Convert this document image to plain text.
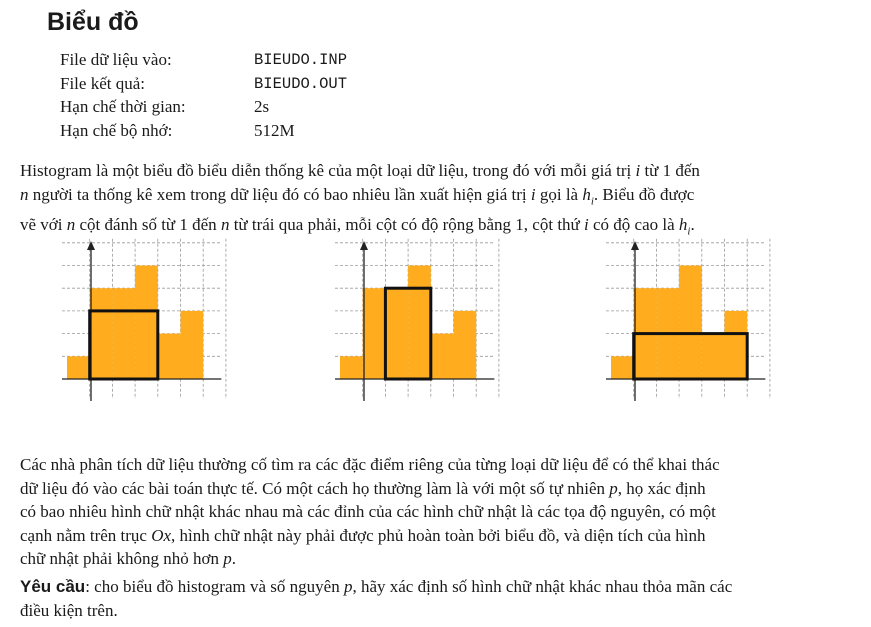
Biểu đồ
File dữ liệu vào:	BIEUDO.INP
File kết quả:	BIEUDO.OUT
Hạn chế thời gian:	2s
Hạn chế bộ nhớ:	512M

Histogram là một biểu đồ biểu diễn thống kê của một loại dữ liệu, trong đó với mỗi giá trị i từ 1 đến
n người ta thống kê xem trong dữ liệu đó có bao nhiêu lần xuất hiện giá trị i gọi là $h_i$. Biểu đồ được
vẽ với n cột đánh số từ 1 đến n từ trái qua phải, mỗi cột có độ rộng bằng 1, cột thứ i có độ cao là $h_i$.

Các nhà phân tích dữ liệu thường cố tìm ra các đặc điểm riêng của từng loại dữ liệu để có thể khai thác
dữ liệu đó vào các bài toán thực tế. Có một cách họ thường làm là với một số tự nhiên p, họ xác định
có bao nhiêu hình chữ nhật khác nhau mà các đỉnh của các hình chữ nhật là các tọa độ nguyên, có một
cạnh nằm trên trục Ox, hình chữ nhật này phải được phủ hoàn toàn bởi biểu đồ, và diện tích của hình
chữ nhật phải không nhỏ hơn p.

Yêu cầu: cho biểu đồ histogram và số nguyên p, hãy xác định số hình chữ nhật khác nhau thỏa mãn các
điều kiện trên.
